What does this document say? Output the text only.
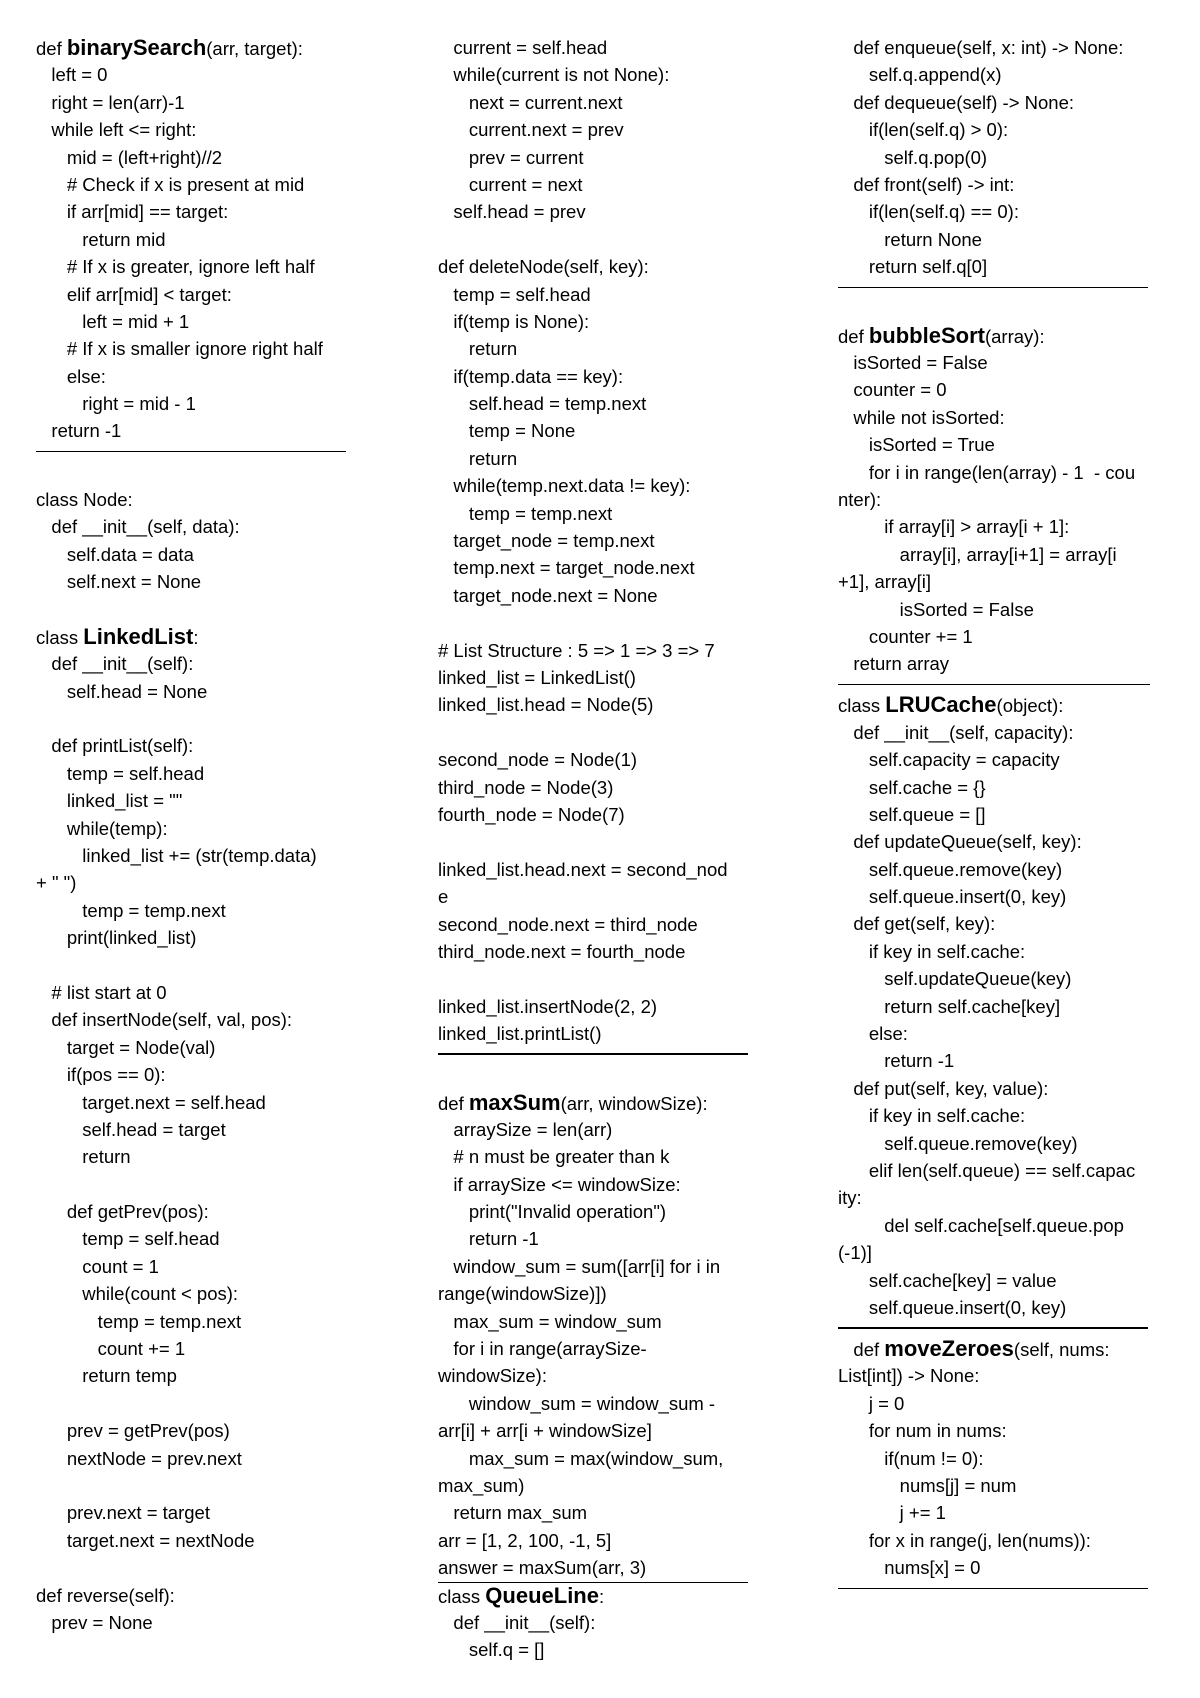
def binarySearch(arr, target):
left = 0
right = len(arr)-1
while left <= right:
mid = (left+right)//2
# Check if x is present at mid
if arr[mid] == target:
return mid
# If x is greater, ignore left half
elif arr[mid] < target:
left = mid + 1
# If x is smaller ignore right half
else:
right = mid - 1
return -1
class Node:
def __init__(self, data):
self.data = data
self.next = None
class LinkedList:
def __init__(self):
self.head = None
def printList(self):
temp = self.head
linked_list = ""
while(temp):
linked_list += (str(temp.data)
+ " ")
temp = temp.next
print(linked_list)
# list start at 0
def insertNode(self, val, pos):
target = Node(val)
if(pos == 0):
target.next = self.head
self.head = target
return
def getPrev(pos):
temp = self.head
count = 1
while(count < pos):
temp = temp.next
count += 1
return temp
prev = getPrev(pos)
nextNode = prev.next
prev.next = target
target.next = nextNode
def reverse(self):
prev = None
current = self.head
while(current is not None):
next = current.next
current.next = prev
prev = current
current = next
self.head = prev
def deleteNode(self, key):
temp = self.head
if(temp is None):
return
if(temp.data == key):
self.head = temp.next
temp = None
return
while(temp.next.data != key):
temp = temp.next
target_node = temp.next
temp.next = target_node.next
target_node.next = None
# List Structure : 5 => 1 => 3 => 7
linked_list = LinkedList()
linked_list.head = Node(5)
second_node = Node(1)
third_node = Node(3)
fourth_node = Node(7)
linked_list.head.next = second_nod
e
second_node.next = third_node
third_node.next = fourth_node
linked_list.insertNode(2, 2)
linked_list.printList()
def maxSum(arr, windowSize):
arraySize = len(arr)
# n must be greater than k
if arraySize <= windowSize:
print("Invalid operation")
return -1
window_sum = sum([arr[i] for i in
range(windowSize)])
max_sum = window_sum
for i in range(arraySize-
windowSize):
window_sum = window_sum -
arr[i] + arr[i + windowSize]
max_sum = max(window_sum,
max_sum)
return max_sum
arr = [1, 2, 100, -1, 5]
answer = maxSum(arr, 3)
class QueueLine:
def __init__(self):
self.q = []
def enqueue(self, x: int) -> None:
self.q.append(x)
def dequeue(self) -> None:
if(len(self.q) > 0):
self.q.pop(0)
def front(self) -> int:
if(len(self.q) == 0):
return None
return self.q[0]
def bubbleSort(array):
isSorted = False
counter = 0
while not isSorted:
isSorted = True
for i in range(len(array) - 1  - cou
nter):
if array[i] > array[i + 1]:
array[i], array[i+1] = array[i
+1], array[i]
isSorted = False
counter += 1
return array
class LRUCache(object):
def __init__(self, capacity):
self.capacity = capacity
self.cache = {}
self.queue = []
def updateQueue(self, key):
self.queue.remove(key)
self.queue.insert(0, key)
def get(self, key):
if key in self.cache:
self.updateQueue(key)
return self.cache[key]
else:
return -1
def put(self, key, value):
if key in self.cache:
self.queue.remove(key)
elif len(self.queue) == self.capac
ity:
del self.cache[self.queue.pop
(-1)]
self.cache[key] = value
self.queue.insert(0, key)
def moveZeroes(self, nums:
List[int]) -> None:
j = 0
for num in nums:
if(num != 0):
nums[j] = num
j += 1
for x in range(j, len(nums)):
nums[x] = 0
